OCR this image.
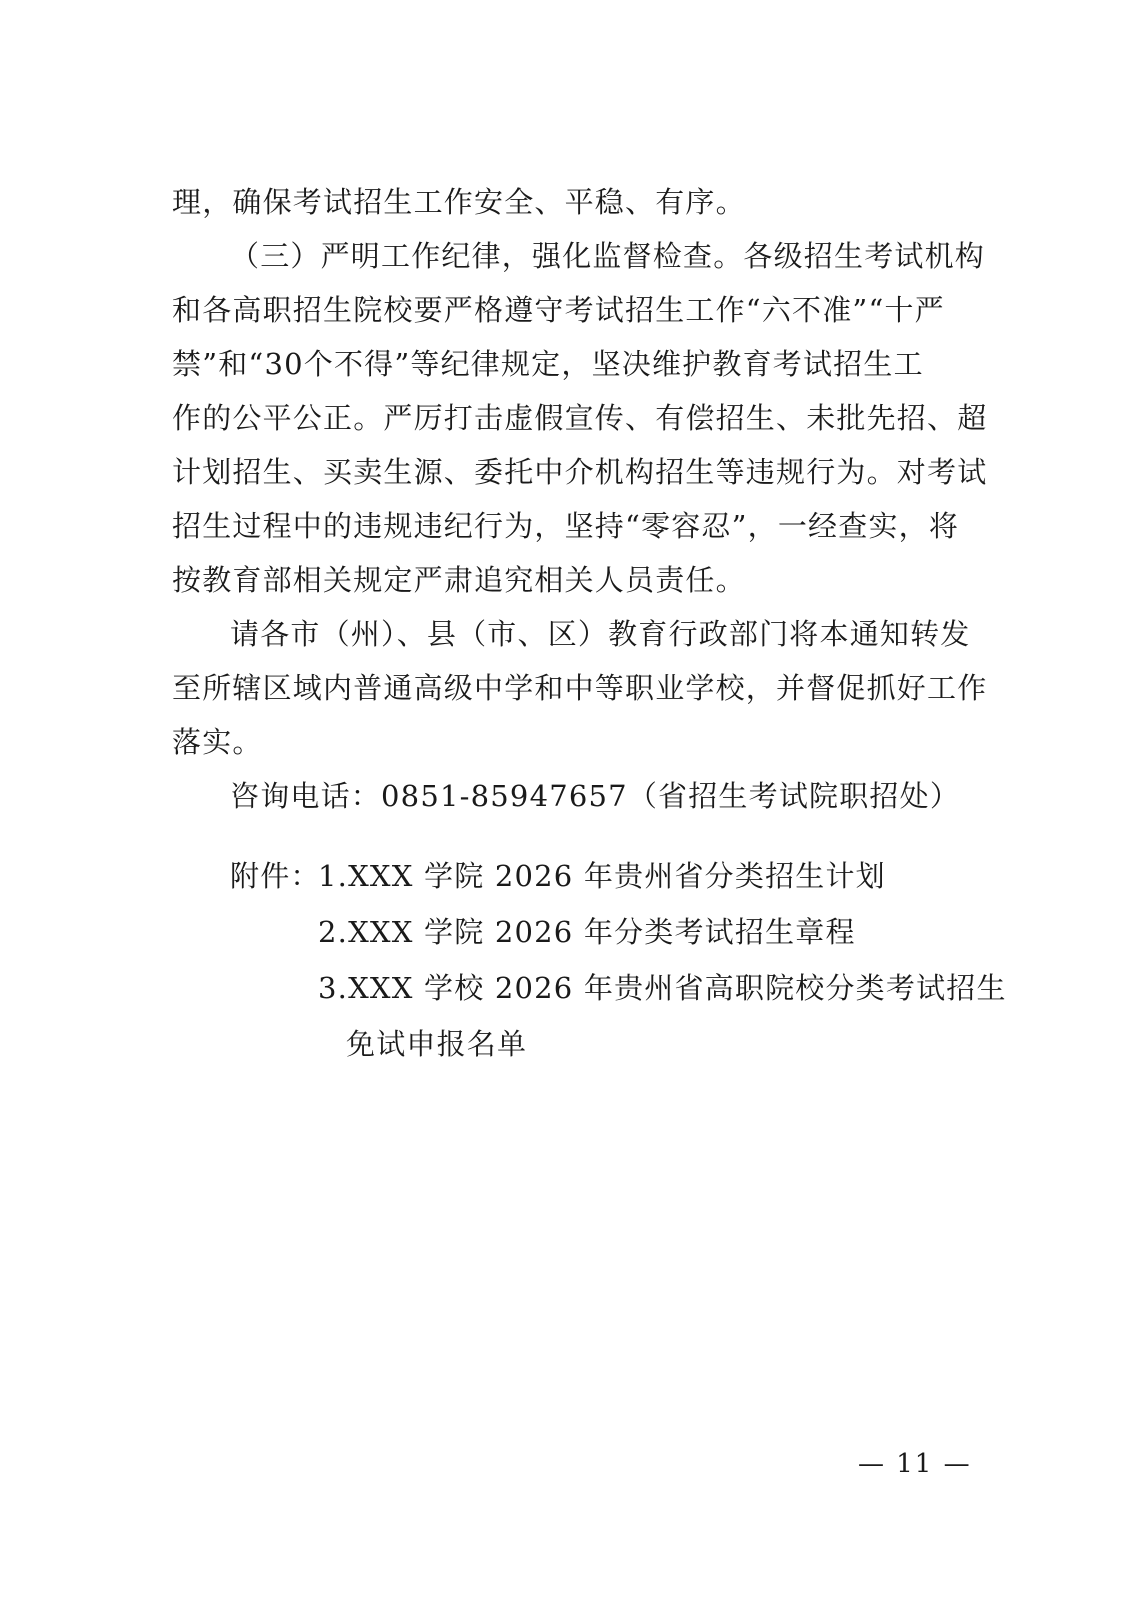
理，确保考试招生工作安全、平稳、有序。
（三）严明工作纪律，强化监督检查。各级招生考试机构
和各高职招生院校要严格遵守考试招生工作“六不准”“十严
禁”和“30个不得”等纪律规定，坚决维护教育考试招生工
作的公平公正。严厉打击虚假宣传、有偿招生、未批先招、超
计划招生、买卖生源、委托中介机构招生等违规行为。对考试
招生过程中的违规违纪行为，坚持“零容忍”，一经查实，将
按教育部相关规定严肃追究相关人员责任。
请各市（州）、县（市、区）教育行政部门将本通知转发
至所辖区域内普通高级中学和中等职业学校，并督促抓好工作
落实。
咨询电话：0851-85947657（省招生考试院职招处）
附件：
1.XXX 学院 2026 年贵州省分类招生计划
2.XXX 学院 2026 年分类考试招生章程
3.XXX 学校 2026 年贵州省高职院校分类考试招生
免试申报名单
— 11 —
